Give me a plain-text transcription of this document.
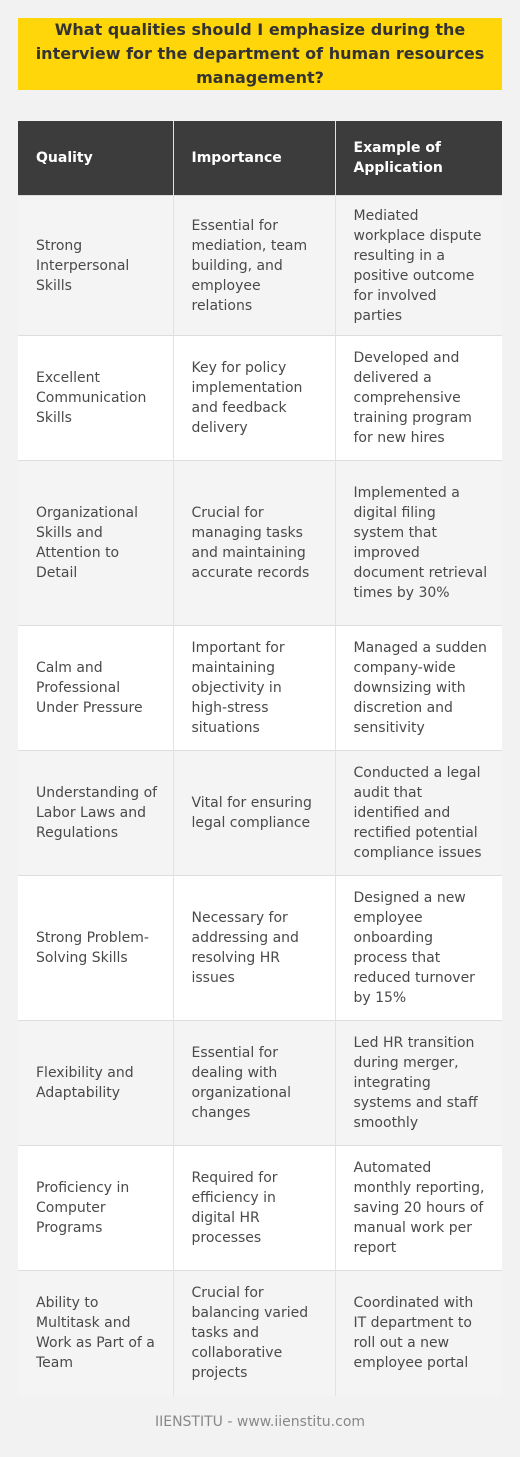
What qualities should I emphasize during the interview for the department of human resources management?
Quality	Importance	Example of Application
Strong Interpersonal Skills	Essential for mediation, team building, and employee relations	Mediated workplace dispute resulting in a positive outcome for involved parties
Excellent Communication Skills	Key for policy implementation and feedback delivery	Developed and delivered a comprehensive training program for new hires
Organizational Skills and Attention to Detail	Crucial for managing tasks and maintaining accurate records	Implemented a digital filing system that improved document retrieval times by 30%
Calm and Professional Under Pressure	Important for maintaining objectivity in high-stress situations	Managed a sudden company-wide downsizing with discretion and sensitivity
Understanding of Labor Laws and Regulations	Vital for ensuring legal compliance	Conducted a legal audit that identified and rectified potential compliance issues
Strong Problem-Solving Skills	Necessary for addressing and resolving HR issues	Designed a new employee onboarding process that reduced turnover by 15%
Flexibility and Adaptability	Essential for dealing with organizational changes	Led HR transition during merger, integrating systems and staff smoothly
Proficiency in Computer Programs	Required for efficiency in digital HR processes	Automated monthly reporting, saving 20 hours of manual work per report
Ability to Multitask and Work as Part of a Team	Crucial for balancing varied tasks and collaborative projects	Coordinated with IT department to roll out a new employee portal
IIENSTITU - www.iienstitu.com
